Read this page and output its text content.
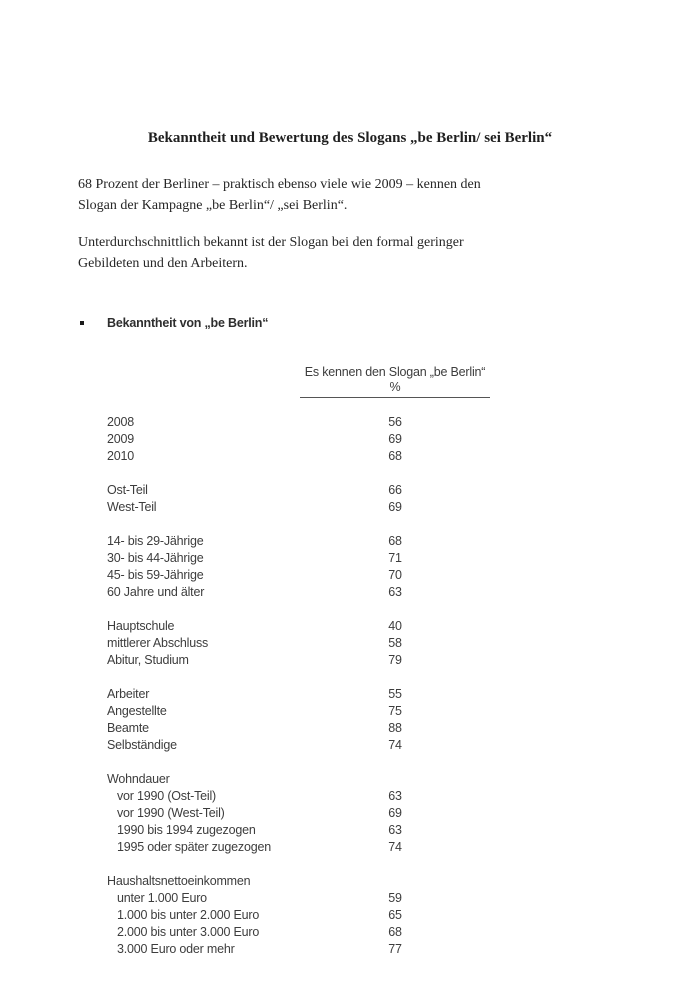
Bekanntheit und Bewertung des Slogans „be Berlin/ sei Berlin“

68 Prozent der Berliner – praktisch ebenso viele wie 2009 – kennen den
Slogan der Kampagne „be Berlin“/ „sei Berlin“.

Unterdurchschnittlich bekannt ist der Slogan bei den formal geringer
Gebildeten und den Arbeitern.

Bekanntheit von „be Berlin“
Es kennen den Slogan „be Berlin“
%
2008	56
2009	69
2010	68
Ost-Teil	66
West-Teil	69
14- bis 29-Jährige	68
30- bis 44-Jährige	71
45- bis 59-Jährige	70
60 Jahre und älter	63
Hauptschule	40
mittlerer Abschluss	58
Abitur, Studium	79
Arbeiter	55
Angestellte	75
Beamte	88
Selbständige	74
Wohndauer
vor 1990 (Ost-Teil)	63
vor 1990 (West-Teil)	69
1990 bis 1994 zugezogen	63
1995 oder später zugezogen	74
Haushaltsnettoeinkommen
unter 1.000 Euro	59
1.000 bis unter 2.000 Euro	65
2.000 bis unter 3.000 Euro	68
3.000 Euro oder mehr	77
